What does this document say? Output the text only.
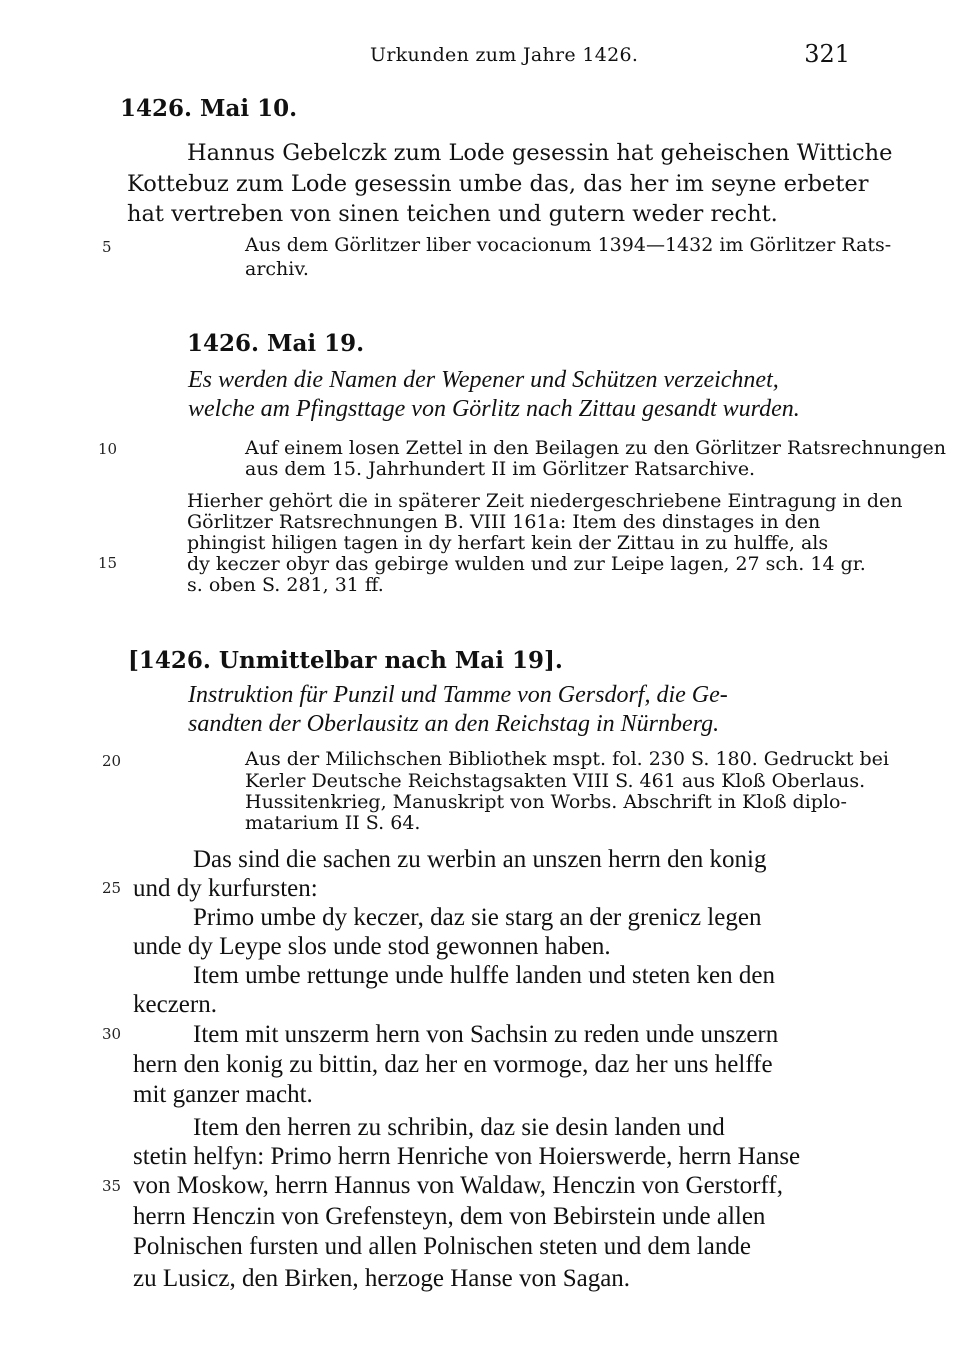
Urkunden zum Jahre 1426.	321
1426. Mai 10.
Hannus Gebelczk zum Lode gesessin hat geheischen Wittiche
Kottebuz zum Lode gesessin umbe das, das her im seyne erbeter
hat vertreben von sinen teichen und gutern weder recht.
5	Aus dem Görlitzer liber vocacionum 1394—1432 im Görlitzer Rats-
archiv.
1426. Mai 19.
Es werden die Namen der Wepener und Schützen verzeichnet,
welche am Pfingsttage von Görlitz nach Zittau gesandt wurden.
10	Auf einem losen Zettel in den Beilagen zu den Görlitzer Ratsrechnungen
aus dem 15. Jahrhundert II im Görlitzer Ratsarchive.
Hierher gehört die in späterer Zeit niedergeschriebene Eintragung in den
Görlitzer Ratsrechnungen B. VIII 161a: Item des dinstages in den
phingist hiligen tagen in dy herfart kein der Zittau in zu hulffe, als
15	dy keczer obyr das gebirge wulden und zur Leipe lagen, 27 sch. 14 gr.
s. oben S. 281, 31 ff.
[1426. Unmittelbar nach Mai 19].
Instruktion für Punzil und Tamme von Gersdorf, die Ge-
sandten der Oberlausitz an den Reichstag in Nürnberg.
20	Aus der Milichschen Bibliothek mspt. fol. 230 S. 180. Gedruckt bei
Kerler Deutsche Reichstagsakten VIII S. 461 aus Kloß Oberlaus.
Hussitenkrieg, Manuskript von Worbs. Abschrift in Kloß diplo-
matarium II S. 64.
Das sind die sachen zu werbin an unszen herrn den konig
25 und dy kurfursten:
Primo umbe dy keczer, daz sie starg an der grenicz legen
unde dy Leype slos unde stod gewonnen haben.
Item umbe rettunge unde hulffe landen und steten ken den
keczern.
30	Item mit unszerm hern von Sachsin zu reden unde unszern
hern den konig zu bittin, daz her en vormoge, daz her uns helffe
mit ganzer macht.
Item den herren zu schribin, daz sie desin landen und
stetin helfyn: Primo herrn Henriche von Hoierswerde, herrn Hanse
35 von Moskow, herrn Hannus von Waldaw, Henczin von Gerstorff,
herrn Henczin von Grefensteyn, dem von Bebirstein unde allen
Polnischen fursten und allen Polnischen steten und dem lande
zu Lusicz, den Birken, herzoge Hanse von Sagan.
